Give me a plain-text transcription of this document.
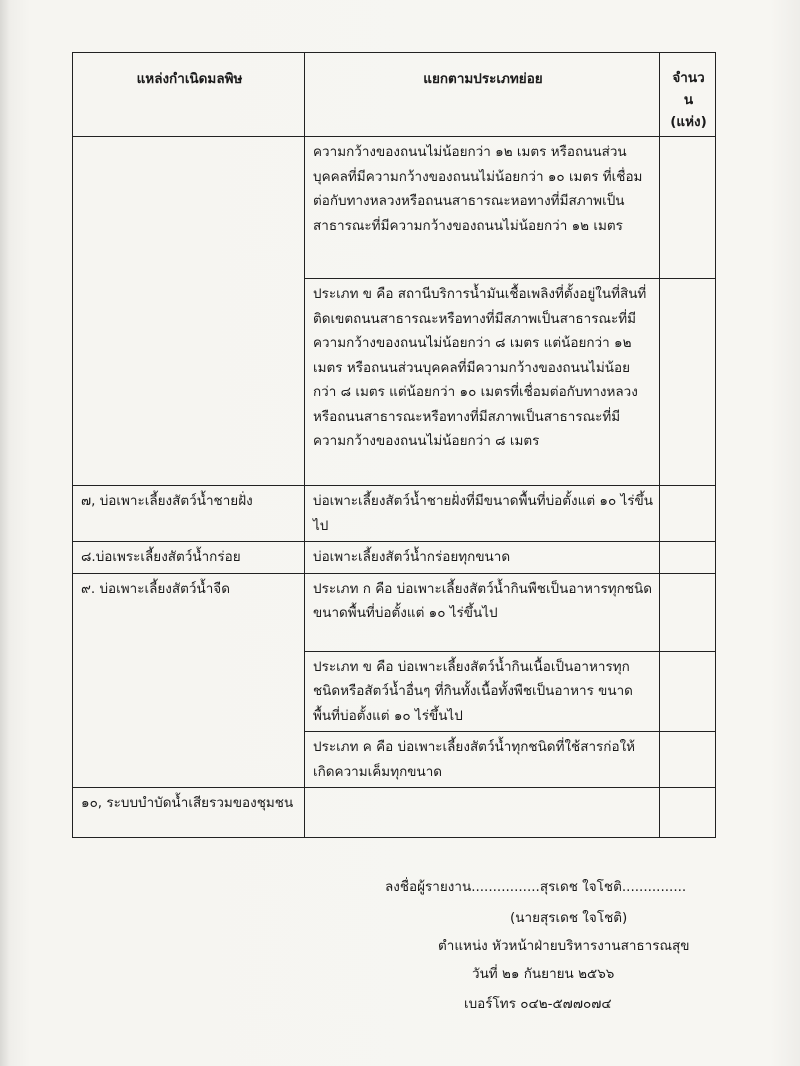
แหล่งกำเนิดมลพิษ	แยกตามประเภทย่อย	จำนวน (แห่ง)
	ความกว้างของถนนไม่น้อยกว่า ๑๒ เมตร หรือถนนส่วนบุคคลที่มีความกว้างของถนนไม่น้อยกว่า ๑๐ เมตร ที่เชื่อมต่อกับทางหลวงหรือถนนสาธารณะหอทางที่มีสภาพเป็นสาธารณะที่มีความกว้างของถนนไม่น้อยกว่า ๑๒ เมตร	
	ประเภท ข คือ สถานีบริการน้ำมันเชื้อเพลิงที่ตั้งอยู่ในที่สินที่ติดเขตถนนสาธารณะหรือทางที่มีสภาพเป็นสาธารณะที่มีความกว้างของถนนไม่น้อยกว่า ๘ เมตร แต่น้อยกว่า ๑๒ เมตร หรือถนนส่วนบุคคลที่มีความกว้างของถนนไม่น้อยกว่า ๘ เมตร แต่น้อยกว่า ๑๐ เมตรที่เชื่อมต่อกับทางหลวงหรือถนนสาธารณะหรือทางที่มีสภาพเป็นสาธารณะที่มีความกว้างของถนนไม่น้อยกว่า ๘ เมตร	
๗, บ่อเพาะเลี้ยงสัตว์น้ำชายฝั่ง	บ่อเพาะเลี้ยงสัตว์น้ำชายฝั่งที่มีขนาดพื้นที่บ่อตั้งแต่ ๑๐ ไร่ขึ้นไป	
๘.บ่อเพระเลี้ยงสัตว์น้ำกร่อย	บ่อเพาะเลี้ยงสัตว์น้ำกร่อยทุกขนาด	
๙. บ่อเพาะเลี้ยงสัตว์น้ำจืด	ประเภท ก คือ บ่อเพาะเลี้ยงสัตว์น้ำกินพืชเป็นอาหารทุกชนิด ขนาดพื้นที่บ่อตั้งแต่ ๑๐ ไร่ขึ้นไป	
	ประเภท ข คือ บ่อเพาะเลี้ยงสัตว์น้ำกินเนื้อเป็นอาหารทุกชนิดหรือสัตว์น้ำอื่นๆ ที่กินทั้งเนื้อทั้งพืชเป็นอาหาร ขนาดพื้นที่บ่อตั้งแต่ ๑๐ ไร่ขึ้นไป	
	ประเภท ค คือ บ่อเพาะเลี้ยงสัตว์น้ำทุกชนิดที่ใช้สารก่อให้เกิดความเค็มทุกขนาด	
๑๐, ระบบบำบัดน้ำเสียรวมของชุมชน		
ลงชื่อผู้รายงาน................สุรเดช ใจโชติ...............
(นายสุรเดช ใจโชติ)
ตำแหน่ง หัวหน้าฝ่ายบริหารงานสาธารณสุข
วันที่ ๒๑ กันยายน ๒๕๖๖
เบอร์โทร ๐๔๒-๕๗๗๐๗๔
